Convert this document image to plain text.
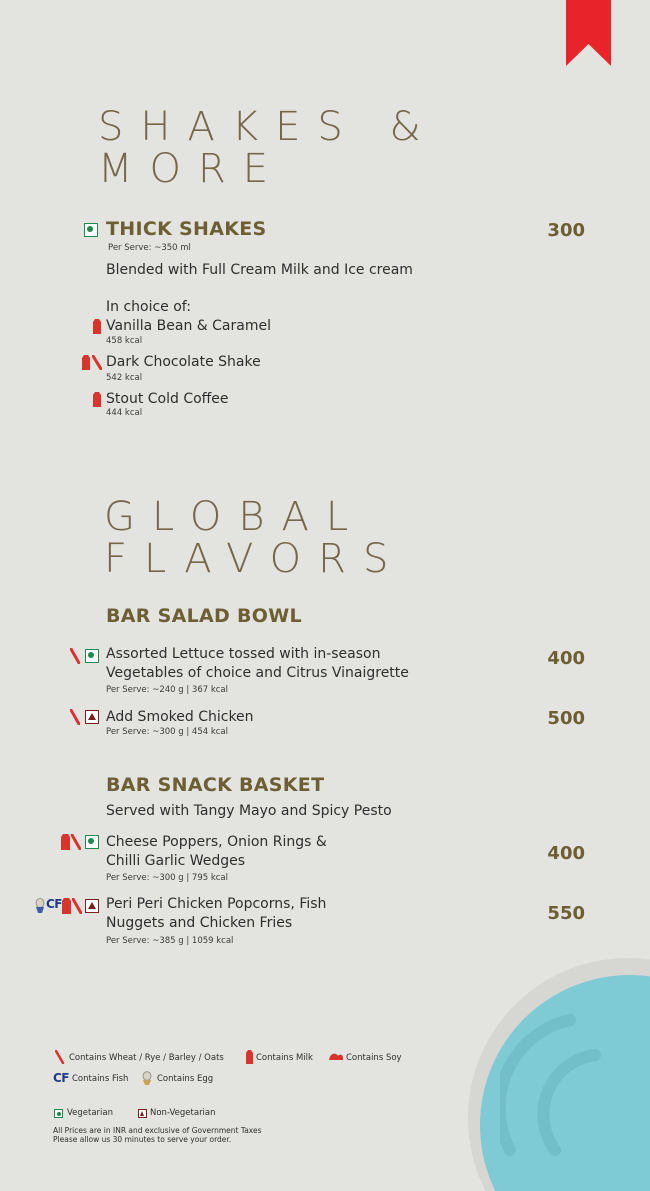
SHAKES &
MORE
THICK SHAKES	300
Per Serve: ~350 ml
Blended with Full Cream Milk and Ice cream
In choice of:
Vanilla Bean & Caramel
458 kcal
Dark Chocolate Shake
542 kcal
Stout Cold Coffee
444 kcal
GLOBAL
FLAVORS
BAR SALAD BOWL
Assorted Lettuce tossed with in-season
Vegetables of choice and Citrus Vinaigrette
Per Serve: ~240 g | 367 kcal
400
Add Smoked Chicken
Per Serve: ~300 g | 454 kcal
500
BAR SNACK BASKET
Served with Tangy Mayo and Spicy Pesto
Cheese Poppers, Onion Rings &
Chilli Garlic Wedges
Per Serve: ~300 g | 795 kcal
400
CF	Peri Peri Chicken Popcorns, Fish
Nuggets and Chicken Fries
Per Serve: ~385 g | 1059 kcal
550
Contains Wheat / Rye / Barley / Oats	Contains Milk	Contains Soy
CF Contains Fish	Contains Egg
Vegetarian	Non-Vegetarian
All Prices are in INR and exclusive of Government Taxes
Please allow us 30 minutes to serve your order.
